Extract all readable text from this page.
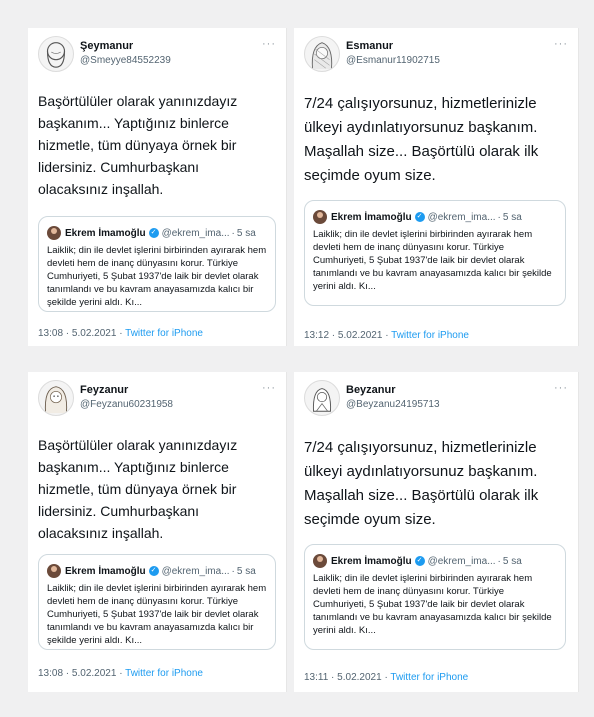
Şeymanur
@Smeyye84552239
···
Başörtülüler olarak yanınızdayız başkanım... Yaptığınız binlerce hizmetle, tüm dünyaya örnek bir lidersiniz. Cumhurbaşkanı olacaksınız inşallah.
Ekrem İmamoğlu ✓ @ekrem_ima... · 5 sa
Laiklik; din ile devlet işlerini birbirinden ayırarak hem devleti hem de inanç dünyasını korur. Türkiye Cumhuriyeti, 5 Şubat 1937'de laik bir devlet olarak tanımlandı ve bu kavram anayasamızda kalıcı bir şekilde yerini aldı. Kı...
13:08 · 5.02.2021 · Twitter for iPhone
Esmanur
@Esmanur11902715
···
7/24 çalışıyorsunuz, hizmetlerinizle ülkeyi aydınlatıyorsunuz başkanım. Maşallah size... Başörtülü olarak ilk seçimde oyum size.
Ekrem İmamoğlu ✓ @ekrem_ima... · 5 sa
Laiklik; din ile devlet işlerini birbirinden ayırarak hem devleti hem de inanç dünyasını korur. Türkiye Cumhuriyeti, 5 Şubat 1937'de laik bir devlet olarak tanımlandı ve bu kavram anayasamızda kalıcı bir şekilde yerini aldı. Kı...
13:12 · 5.02.2021 · Twitter for iPhone
Feyzanur
@Feyzanu60231958
···
Başörtülüler olarak yanınızdayız başkanım... Yaptığınız binlerce hizmetle, tüm dünyaya örnek bir lidersiniz. Cumhurbaşkanı olacaksınız inşallah.
Ekrem İmamoğlu ✓ @ekrem_ima... · 5 sa
Laiklik; din ile devlet işlerini birbirinden ayırarak hem devleti hem de inanç dünyasını korur. Türkiye Cumhuriyeti, 5 Şubat 1937'de laik bir devlet olarak tanımlandı ve bu kavram anayasamızda kalıcı bir şekilde yerini aldı. Kı...
13:08 · 5.02.2021 · Twitter for iPhone
Beyzanur
@Beyzanu24195713
···
7/24 çalışıyorsunuz, hizmetlerinizle ülkeyi aydınlatıyorsunuz başkanım. Maşallah size... Başörtülü olarak ilk seçimde oyum size.
Ekrem İmamoğlu ✓ @ekrem_ima... · 5 sa
Laiklik; din ile devlet işlerini birbirinden ayırarak hem devleti hem de inanç dünyasını korur. Türkiye Cumhuriyeti, 5 Şubat 1937'de laik bir devlet olarak tanımlandı ve bu kavram anayasamızda kalıcı bir şekilde yerini aldı. Kı...
13:11 · 5.02.2021 · Twitter for iPhone
